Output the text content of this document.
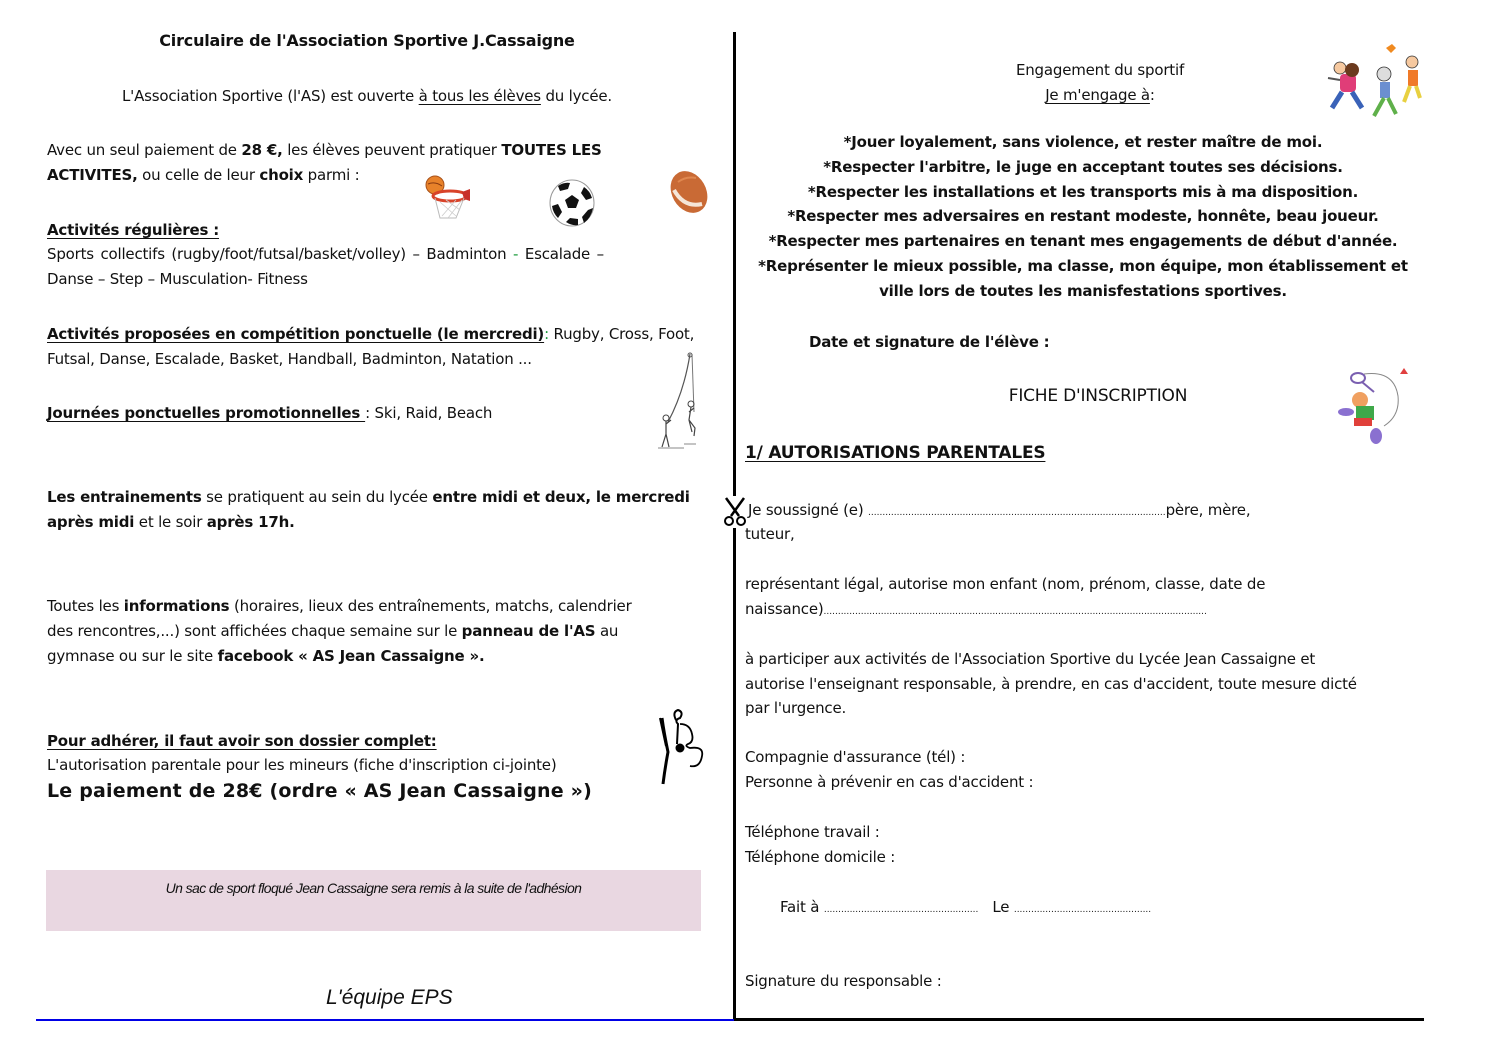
Circulaire de l'Association Sportive J.Cassaigne
L'Association Sportive (l'AS) est ouverte à tous les élèves du lycée.
Avec un seul paiement de 28 €, les élèves peuvent pratiquer TOUTES LES
ACTIVITES, ou celle de leur choix parmi :
Activités régulières :
Sports collectifs (rugby/foot/futsal/basket/volley) – Badminton - Escalade –
Danse – Step – Musculation- Fitness
Activités proposées en compétition ponctuelle (le mercredi): Rugby, Cross, Foot,
Futsal, Danse, Escalade, Basket, Handball, Badminton, Natation ...
Journées ponctuelles promotionnelles : Ski, Raid, Beach
Les entrainements se pratiquent au sein du lycée entre midi et deux, le mercredi
après midi et le soir après 17h.
Toutes les informations (horaires, lieux des entraînements, matchs, calendrier
des rencontres,...) sont affichées chaque semaine sur le panneau de l'AS au
gymnase ou sur le site facebook « AS Jean Cassaigne ».
Pour adhérer, il faut avoir son dossier complet:
L'autorisation parentale pour les mineurs (fiche d'inscription ci-jointe)
Le paiement de 28€ (ordre « AS Jean Cassaigne »)
Un sac de sport floqué Jean Cassaigne sera remis à la suite de l'adhésion
L'équipe EPS
Engagement du sportif
Je m'engage à:
*Jouer loyalement, sans violence, et rester maître de moi.
*Respecter l'arbitre, le juge en acceptant toutes ses décisions.
*Respecter les installations et les transports mis à ma disposition.
*Respecter mes adversaires en restant modeste, honnête, beau joueur.
*Respecter mes partenaires en tenant mes engagements de début d'année.
*Représenter le mieux possible, ma classe, mon équipe, mon établissement et
ville lors de toutes les manisfestations sportives.
Date et signature de l'élève :
FICHE D'INSCRIPTION
1/ AUTORISATIONS PARENTALES
Je soussigné (e) ........................................................................................................père, mère,
tuteur,
représentant légal, autorise mon enfant (nom, prénom, classe, date de
naissance)......................................................................................................................................
à participer aux activités de l'Association Sportive du Lycée Jean Cassaigne et
autorise l'enseignant responsable, à prendre, en cas d'accident, toute mesure dicté
par l'urgence.
Compagnie d'assurance (tél) :
Personne à prévenir en cas d'accident :
Téléphone travail :
Téléphone domicile :
Fait à ...................................................... Le ................................................
Signature du responsable :
